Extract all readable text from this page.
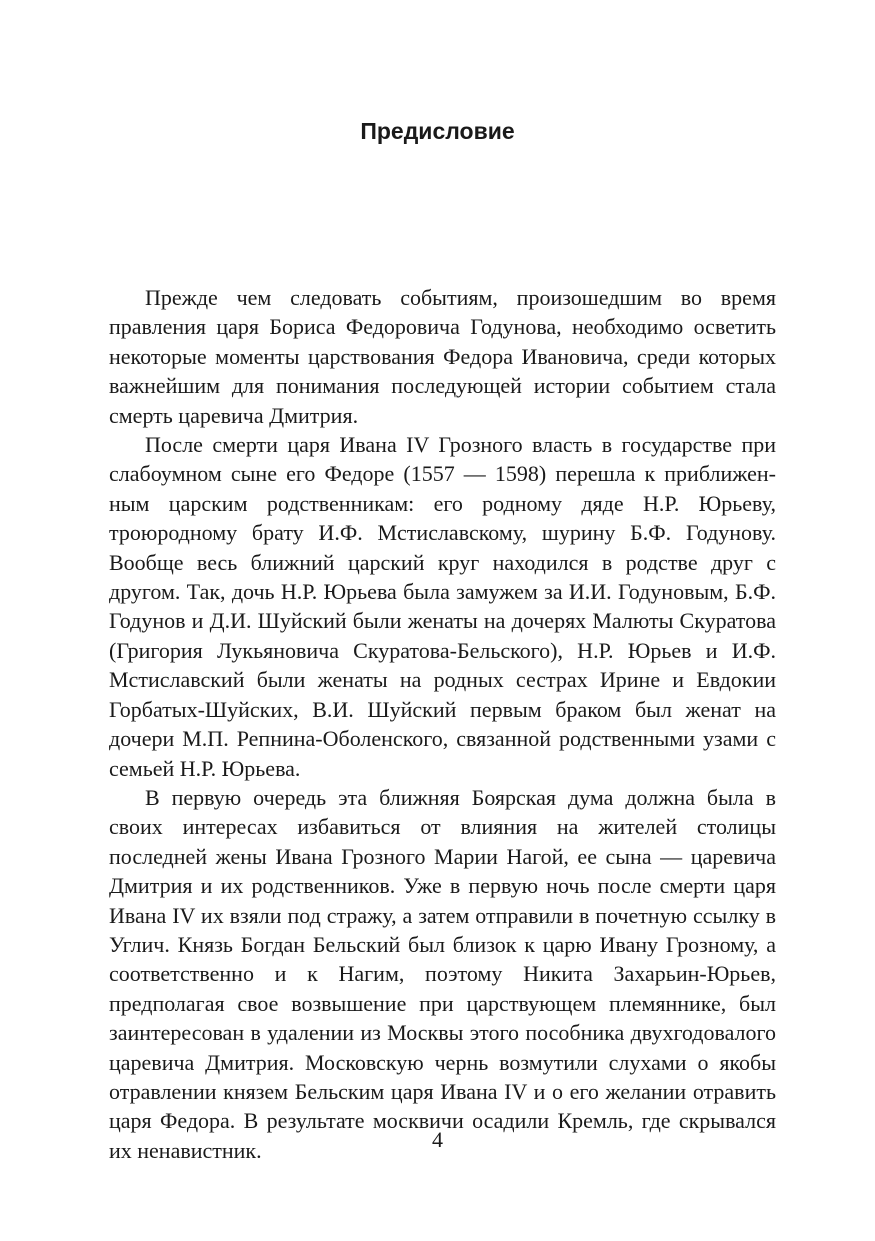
Предисловие

Прежде чем следовать событиям, произошедшим во время правления царя Бориса Федоровича Годунова, необходимо осветить некоторые моменты царствования Федора Ивановича, среди которых важнейшим для понимания последующей истории событием стала смерть царевича Дмитрия.

После смерти царя Ивана IV Грозного власть в государстве при слабоумном сыне его Федоре (1557 — 1598) перешла к приближенным царским родственникам: его родному дяде Н.Р. Юрьеву, троюродному брату И.Ф. Мстиславскому, шурину Б.Ф. Годунову. Вообще весь ближний царский круг находился в родстве друг с другом. Так, дочь Н.Р. Юрьева была замужем за И.И. Годуновым, Б.Ф. Годунов и Д.И. Шуйский были женаты на дочерях Малюты Скуратова (Григория Лукьяновича Скуратова-Бельского), Н.Р. Юрьев и И.Ф. Мстиславский были женаты на родных сестрах Ирине и Евдокии Горбатых-Шуйских, В.И. Шуйский первым браком был женат на дочери М.П. Репнина-Оболенского, связанной родственными узами с семьей Н.Р. Юрьева.

В первую очередь эта ближняя Боярская дума должна была в своих интересах избавиться от влияния на жителей столицы последней жены Ивана Грозного Марии Нагой, ее сына — царевича Дмитрия и их родственников. Уже в первую ночь после смерти царя Ивана IV их взяли под стражу, а затем отправили в почетную ссылку в Углич. Князь Богдан Бельский был близок к царю Ивану Грозному, а соответственно и к Нагим, поэтому Никита Захарьин-Юрьев, предполагая свое возвышение при царствующем племяннике, был заинтересован в удалении из Москвы этого пособника двухгодовалого царевича Дмитрия. Московскую чернь возмутили слухами о якобы отравлении князем Бельским царя Ивана IV и о его желании отравить царя Федора. В результате москвичи осадили Кремль, где скрывался их ненавистник.	4
